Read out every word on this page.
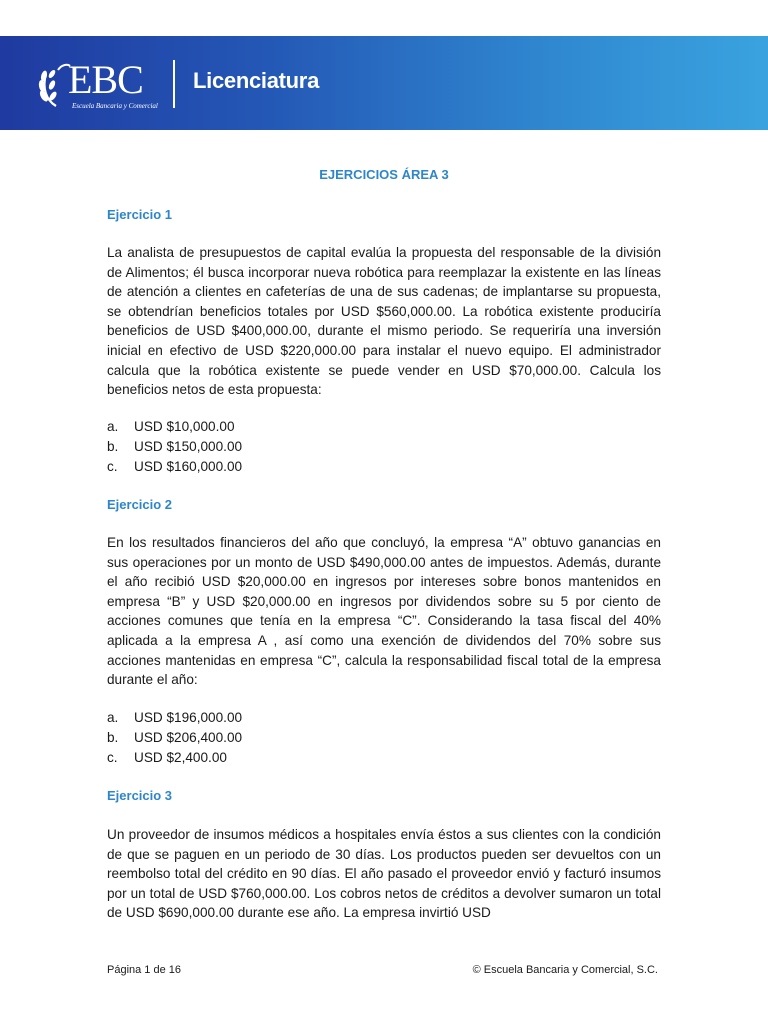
EBC
Escuela Bancaria y Comercial
Licenciatura
EJERCICIOS ÁREA 3
Ejercicio 1
La analista de presupuestos de capital evalúa la propuesta del responsable de la división de Alimentos; él busca incorporar nueva robótica para reemplazar la existente en las líneas de atención a clientes en cafeterías de una de sus cadenas; de implantarse su propuesta, se obtendrían beneficios totales por USD $560,000.00. La robótica existente produciría beneficios de USD $400,000.00, durante el mismo periodo. Se requeriría una inversión inicial en efectivo de USD $220,000.00 para instalar el nuevo equipo. El administrador calcula que la robótica existente se puede vender en USD $70,000.00. Calcula los beneficios netos de esta propuesta:
a. USD $10,000.00
b. USD $150,000.00
c. USD $160,000.00
Ejercicio 2
En los resultados financieros del año que concluyó, la empresa “A” obtuvo ganancias en sus operaciones por un monto de USD $490,000.00 antes de impuestos. Además, durante el año recibió USD $20,000.00 en ingresos por intereses sobre bonos mantenidos en empresa “B” y USD $20,000.00 en ingresos por dividendos sobre su 5 por ciento de acciones comunes que tenía en la empresa “C”. Considerando la tasa fiscal del 40% aplicada a la empresa A , así como una exención de dividendos del 70% sobre sus acciones mantenidas en empresa “C”, calcula la responsabilidad fiscal total de la empresa durante el año:
a. USD $196,000.00
b. USD $206,400.00
c. USD $2,400.00
Ejercicio 3
Un proveedor de insumos médicos a hospitales envía éstos a sus clientes con la condición de que se paguen en un periodo de 30 días. Los productos pueden ser devueltos con un reembolso total del crédito en 90 días. El año pasado el proveedor envió y facturó insumos por un total de USD $760,000.00. Los cobros netos de créditos a devolver sumaron un total de USD $690,000.00 durante ese año. La empresa invirtió USD
Página 1 de 16	© Escuela Bancaria y Comercial, S.C.
